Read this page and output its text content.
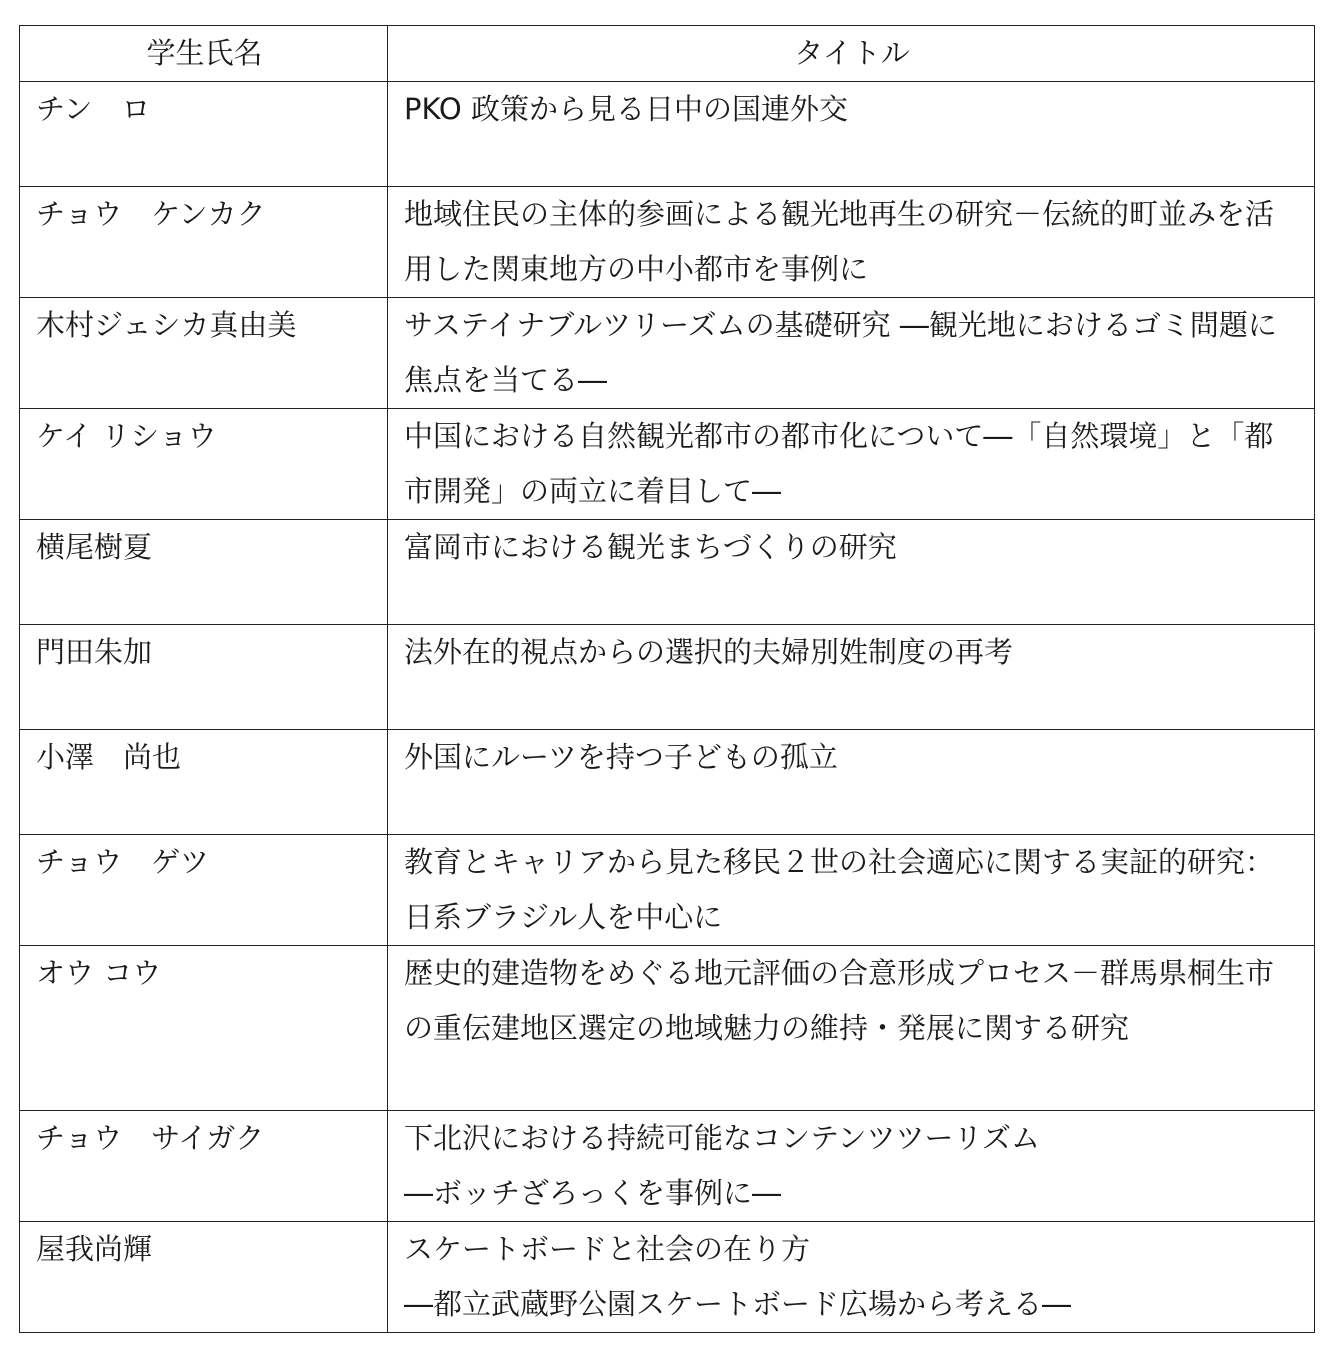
学生氏名	タイトル

チン　ロ	PKO 政策から見る日中の国連外交

チョウ　ケンカク	地域住民の主体的参画による観光地再生の研究－伝統的町並みを活用した関東地方の中小都市を事例に

木村ジェシカ真由美	サステイナブルツリーズムの基礎研究 ―観光地におけるゴミ問題に焦点を当てる―

ケイ リショウ	中国における自然観光都市の都市化について―「自然環境」と「都市開発」の両立に着目して―

横尾樹夏	富岡市における観光まちづくりの研究

門田朱加	法外在的視点からの選択的夫婦別姓制度の再考

小澤　尚也	外国にルーツを持つ子どもの孤立

チョウ　ゲツ	教育とキャリアから見た移民２世の社会適応に関する実証的研究：日系ブラジル人を中心に

オウ コウ	歴史的建造物をめぐる地元評価の合意形成プロセス－群馬県桐生市の重伝建地区選定の地域魅力の維持・発展に関する研究

チョウ　サイガク	下北沢における持続可能なコンテンツツーリズム
―ボッチざろっくを事例に―

屋我尚輝	スケートボードと社会の在り方
―都立武蔵野公園スケートボード広場から考える―
